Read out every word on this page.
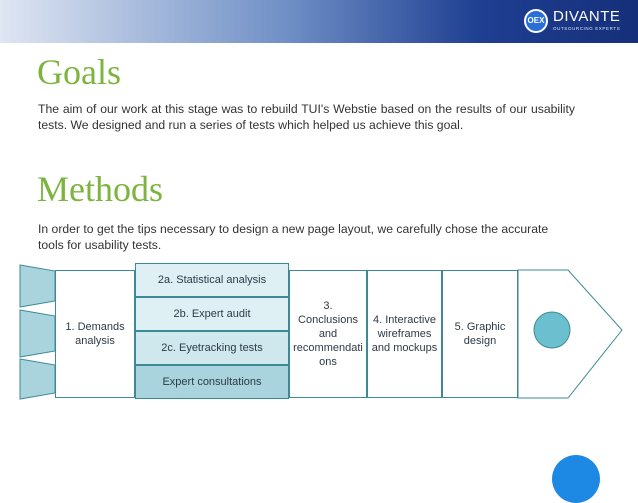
OEX DIVANTE
OUTSOURCING EXPERTS
Goals
The aim of our work at this stage was to rebuild TUI's Webstie based on the results of our usability tests. We designed and run a series of tests which helped us achieve this goal.
Methods
In order to get the tips necessary to design a new page layout, we carefully chose the accurate tools for usability tests.
1. Demands analysis
2a. Statistical analysis
2b. Expert audit
2c. Eyetracking tests
Expert consultations
3. Conclusions and recommendati ons
4. Interactive wireframes and mockups
5. Graphic design
